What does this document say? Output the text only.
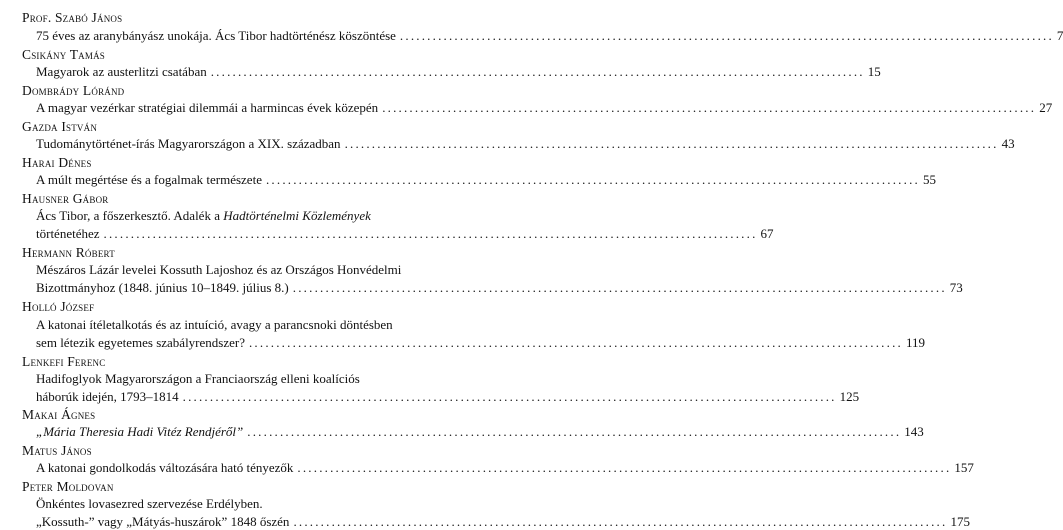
Prof. Szabó János
75 éves az aranybányász unokája. Ács Tibor hadtörténész köszöntése ........................................................................................................................ 7
Csikány Tamás
Magyarok az austerlitzi csatában ........................................................................................................................ 15
Dombrády Lóránd
A magyar vezérkar stratégiai dilemmái a harmincas évek közepén ........................................................................................................................ 27
Gazda István
Tudománytörténet-írás Magyarországon a XIX. században ........................................................................................................................ 43
Harai Dénes
A múlt megértése és a fogalmak természete ........................................................................................................................ 55
Hausner Gábor
Ács Tibor, a főszerkesztő. Adalék a Hadtörténelmi Közlemények
történetéhez ........................................................................................................................ 67
Hermann Róbert
Mészáros Lázár levelei Kossuth Lajoshoz és az Országos Honvédelmi
Bizottmányhoz (1848. június 10–1849. július 8.) ........................................................................................................................ 73
Holló József
A katonai ítéletalkotás és az intuíció, avagy a parancsnoki döntésben
sem létezik egyetemes szabályrendszer? ........................................................................................................................ 119
Lenkefi Ferenc
Hadifoglyok Magyarországon a Franciaország elleni koalíciós
háborúk idején, 1793–1814 ........................................................................................................................ 125
Makai Ágnes
„Mária Theresia Hadi Vitéz Rendjéről” ........................................................................................................................ 143
Matus János
A katonai gondolkodás változására ható tényezők ........................................................................................................................ 157
Peter Moldovan
Önkéntes lovasezred szervezése Erdélyben.
„Kossuth-” vagy „Mátyás-huszárok” 1848 őszén ........................................................................................................................ 175
